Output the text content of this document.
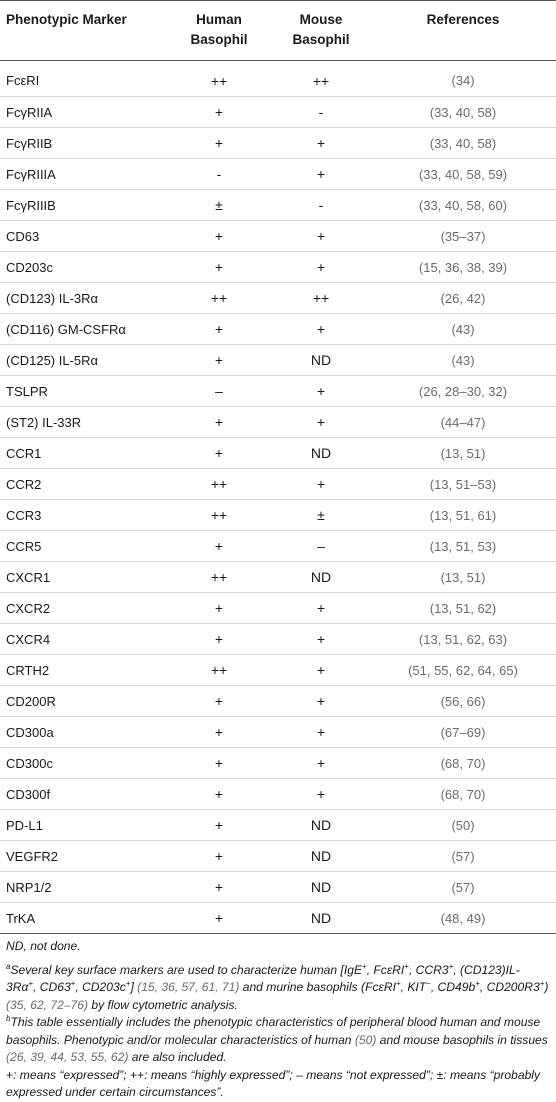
Phenotypic Marker	Human Basophil	Mouse Basophil	References
FcεRI	++	++	(34)
FcγRIIA	+	-	(33, 40, 58)
FcγRIIB	+	+	(33, 40, 58)
FcγRIIIA	-	+	(33, 40, 58, 59)
FcγRIIIB	±	-	(33, 40, 58, 60)
CD63	+	+	(35–37)
CD203c	+	+	(15, 36, 38, 39)
(CD123) IL-3Rα	++	++	(26, 42)
(CD116) GM-CSFRα	+	+	(43)
(CD125) IL-5Rα	+	ND	(43)
TSLPR	–	+	(26, 28–30, 32)
(ST2) IL-33R	+	+	(44–47)
CCR1	+	ND	(13, 51)
CCR2	++	+	(13, 51–53)
CCR3	++	±	(13, 51, 61)
CCR5	+	–	(13, 51, 53)
CXCR1	++	ND	(13, 51)
CXCR2	+	+	(13, 51, 62)
CXCR4	+	+	(13, 51, 62, 63)
CRTH2	++	+	(51, 55, 62, 64, 65)
CD200R	+	+	(56, 66)
CD300a	+	+	(67–69)
CD300c	+	+	(68, 70)
CD300f	+	+	(68, 70)
PD-L1	+	ND	(50)
VEGFR2	+	ND	(57)
NRP1/2	+	ND	(57)
TrKA	+	ND	(48, 49)

ND, not done.

$^a$Several key surface markers are used to characterize human [IgE+, FcεRI+, CCR3+, (CD123)IL-3Rα+, CD63+, CD203c+] (15, 36, 57, 61, 71) and murine basophils (FcεRI+, KIT−, CD49b+, CD200R3+) (35, 62, 72–76) by flow cytometric analysis.

$^b$This table essentially includes the phenotypic characteristics of peripheral blood human and mouse basophils. Phenotypic and/or molecular characteristics of human (50) and mouse basophils in tissues (26, 39, 44, 53, 55, 62) are also included.

+: means “expressed”; ++: means “highly expressed”; – means “not expressed”; ±: means “probably expressed under certain circumstances”.
